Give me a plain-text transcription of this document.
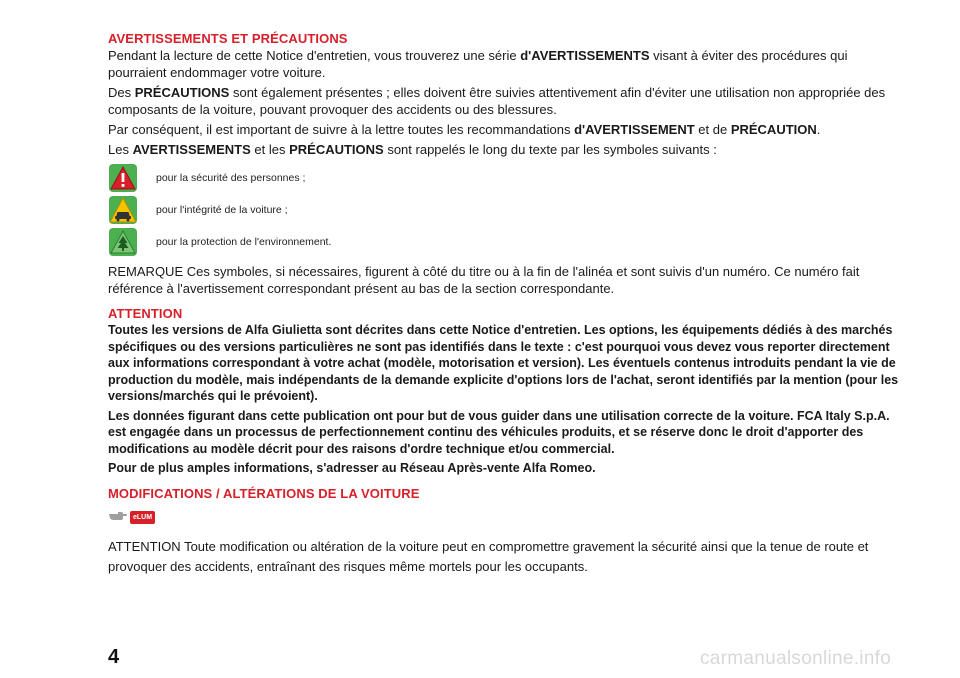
AVERTISSEMENTS ET PRÉCAUTIONS

Pendant la lecture de cette Notice d'entretien, vous trouverez une série d'AVERTISSEMENTS visant à éviter des procédures qui pourraient endommager votre voiture.

Des PRÉCAUTIONS sont également présentes ; elles doivent être suivies attentivement afin d'éviter une utilisation non appropriée des composants de la voiture, pouvant provoquer des accidents ou des blessures.

Par conséquent, il est important de suivre à la lettre toutes les recommandations d'AVERTISSEMENT et de PRÉCAUTION.

Les AVERTISSEMENTS et les PRÉCAUTIONS sont rappelés le long du texte par les symboles suivants :

pour la sécurité des personnes ;
pour l'intégrité de la voiture ;
pour la protection de l'environnement.

REMARQUE Ces symboles, si nécessaires, figurent à côté du titre ou à la fin de l'alinéa et sont suivis d'un numéro. Ce numéro fait référence à l'avertissement correspondant présent au bas de la section correspondante.

ATTENTION

Toutes les versions de Alfa Giulietta sont décrites dans cette Notice d'entretien. Les options, les équipements dédiés à des marchés spécifiques ou des versions particulières ne sont pas identifiés dans le texte : c'est pourquoi vous devez vous reporter directement aux informations correspondant à votre achat (modèle, motorisation et version). Les éventuels contenus introduits pendant la vie de production du modèle, mais indépendants de la demande explicite d'options lors de l'achat, seront identifiés par la mention (pour les versions/marchés qui le prévoient).

Les données figurant dans cette publication ont pour but de vous guider dans une utilisation correcte de la voiture. FCA Italy S.p.A. est engagée dans un processus de perfectionnement continu des véhicules produits, et se réserve donc le droit d'apporter des modifications au modèle décrit pour des raisons d'ordre technique et/ou commercial.

Pour de plus amples informations, s'adresser au Réseau Après-vente Alfa Romeo.

MODIFICATIONS / ALTÉRATIONS DE LA VOITURE
eLUM

ATTENTION Toute modification ou altération de la voiture peut en compromettre gravement la sécurité ainsi que la tenue de route et provoquer des accidents, entraînant des risques même mortels pour les occupants.

4	carmanualsonline.info
